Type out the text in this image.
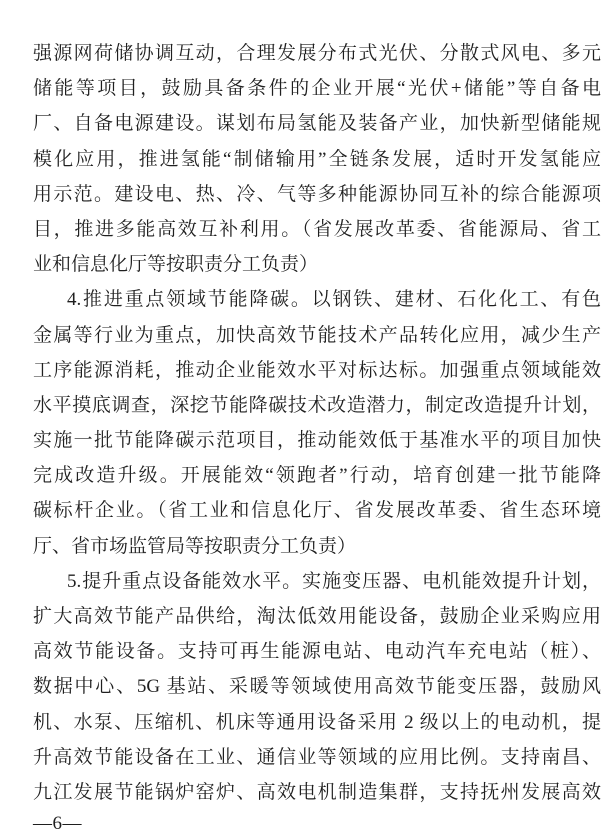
强源网荷储协调互动，合理发展分布式光伏、分散式风电、多元
储能等项目，鼓励具备条件的企业开展“光伏+储能”等自备电
厂、自备电源建设。谋划布局氢能及装备产业，加快新型储能规
模化应用，推进氢能“制储输用”全链条发展，适时开发氢能应
用示范。建设电、热、冷、气等多种能源协同互补的综合能源项
目，推进多能高效互补利用。（省发展改革委、省能源局、省工
业和信息化厅等按职责分工负责）
4.推进重点领域节能降碳。以钢铁、建材、石化化工、有色
金属等行业为重点，加快高效节能技术产品转化应用，减少生产
工序能源消耗，推动企业能效水平对标达标。加强重点领域能效
水平摸底调查，深挖节能降碳技术改造潜力，制定改造提升计划，
实施一批节能降碳示范项目，推动能效低于基准水平的项目加快
完成改造升级。开展能效“领跑者”行动，培育创建一批节能降
碳标杆企业。（省工业和信息化厅、省发展改革委、省生态环境
厅、省市场监管局等按职责分工负责）
5.提升重点设备能效水平。实施变压器、电机能效提升计划，
扩大高效节能产品供给，淘汰低效用能设备，鼓励企业采购应用
高效节能设备。支持可再生能源电站、电动汽车充电站（桩）、
数据中心、5G 基站、采暖等领域使用高效节能变压器，鼓励风
机、水泵、压缩机、机床等通用设备采用 2 级以上的电动机，提
升高效节能设备在工业、通信业等领域的应用比例。支持南昌、
九江发展节能锅炉窑炉、高效电机制造集群，支持抚州发展高效
—6—
